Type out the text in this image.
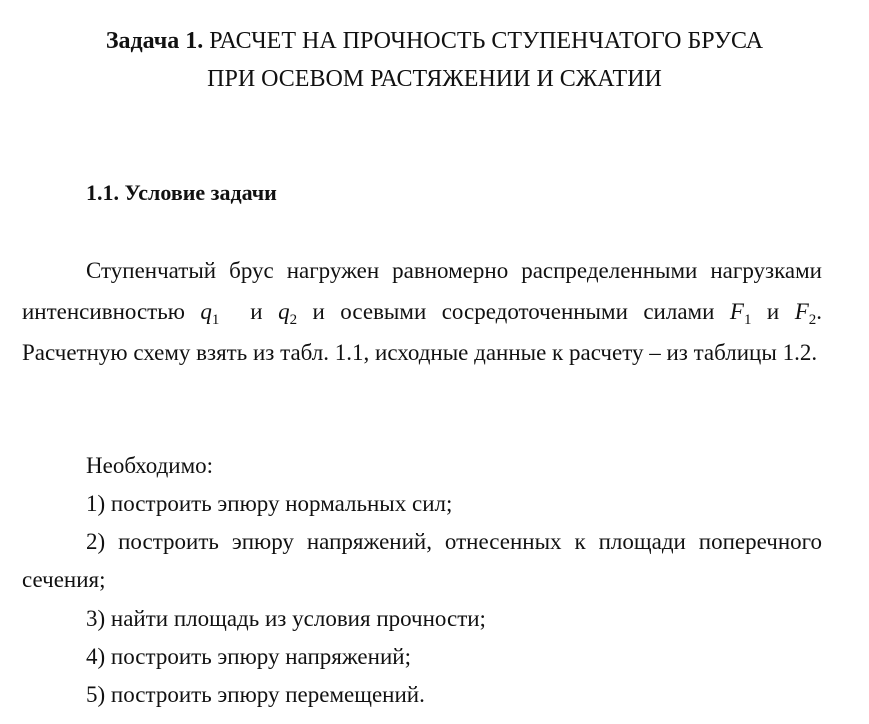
Задача 1. РАСЧЕТ НА ПРОЧНОСТЬ СТУПЕНЧАТОГО БРУСА
ПРИ ОСЕВОМ РАСТЯЖЕНИИ И СЖАТИИ
1.1. Условие задачи
Ступенчатый брус нагружен равномерно распределенными нагрузками интенсивностью $q_1$  и $q_2$ и осевыми сосредоточенными силами $F_1$ и $F_2$. Расчетную схему взять из табл. 1.1, исходные данные к расчету – из таблицы 1.2.
Необходимо:
1) построить эпюру нормальных сил;
2) построить эпюру напряжений, отнесенных к площади поперечного сечения;
3) найти площадь из условия прочности;
4) построить эпюру напряжений;
5) построить эпюру перемещений.
